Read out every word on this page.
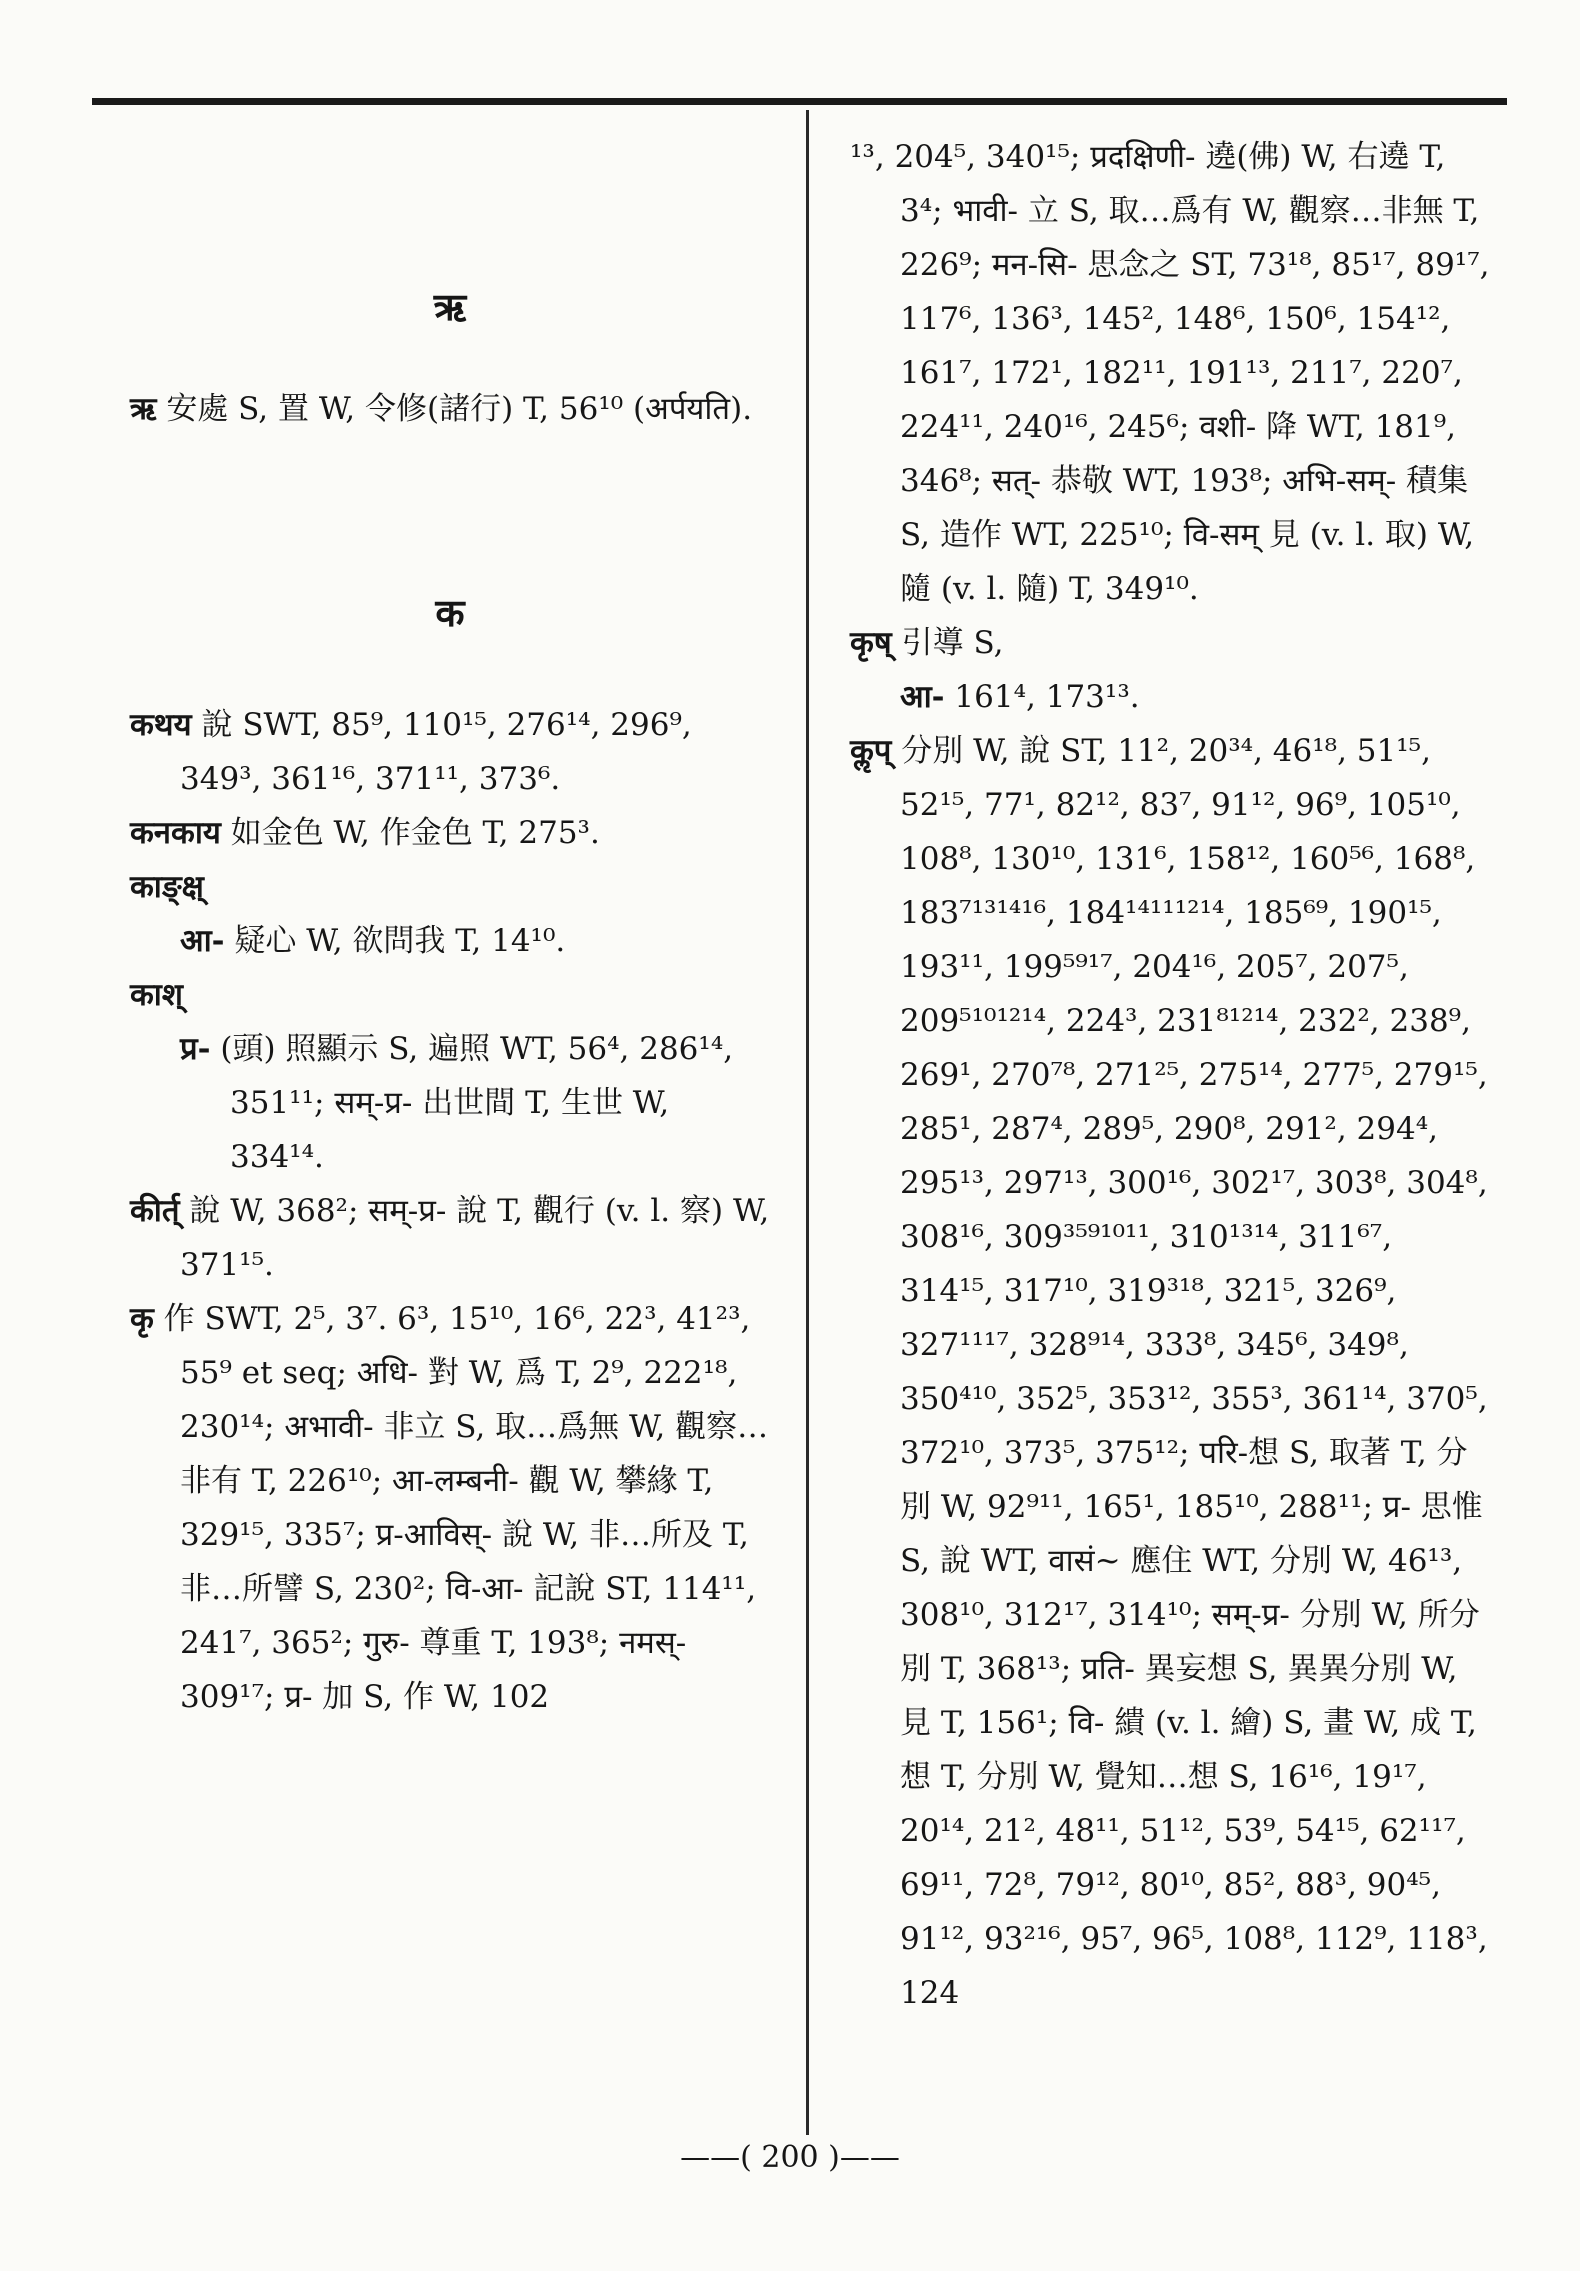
ऋ

ऋ 安處 S, 置 W, 令修(諸行) T, 56¹⁰ (अर्पयति).

क

कथय 說 SWT, 85⁹, 110¹⁵, 276¹⁴, 296⁹, 349³, 361¹⁶, 371¹¹, 373⁶.

कनकाय 如金色 W, 作金色 T, 275³.

काङ्क्ष्

आ- 疑心 W, 欲問我 T, 14¹⁰.

काश्

प्र- (頭) 照顯示 S, 遍照 WT, 56⁴, 286¹⁴, 351¹¹; सम्-प्र- 出世間 T, 生世 W, 334¹⁴.

कीर्त् 說 W, 368²; सम्-प्र- 說 T, 觀行 (v. l. 察) W, 371¹⁵.

कृ 作 SWT, 2⁵, 3⁷. 6³, 15¹⁰, 16⁶, 22³, 41²³, 55⁹ et seq; अधि- 對 W, 爲 T, 2⁹, 222¹⁸, 230¹⁴; अभावी- 非立 S, 取…爲無 W, 觀察…非有 T, 226¹⁰; आ-लम्बनी- 觀 W, 攀緣 T, 329¹⁵, 335⁷; प्र-आविस्- 說 W, 非…所及 T, 非…所譬 S, 230²; वि-आ- 記說 ST, 114¹¹, 241⁷, 365²; गुरु- 尊重 T, 193⁸; नमस्- 309¹⁷; प्र- 加 S, 作 W, 102

¹³, 204⁵, 340¹⁵; प्रदक्षिणी- 遶(佛) W, 右遶 T, 3⁴; भावी- 立 S, 取…爲有 W, 觀察…非無 T, 226⁹; मन-सि- 思念之 ST, 73¹⁸, 85¹⁷, 89¹⁷, 117⁶, 136³, 145², 148⁶, 150⁶, 154¹², 161⁷, 172¹, 182¹¹, 191¹³, 211⁷, 220⁷, 224¹¹, 240¹⁶, 245⁶; वशी- 降 WT, 181⁹, 346⁸; सत्- 恭敬 WT, 193⁸; अभि-सम्- 積集 S, 造作 WT, 225¹⁰; वि-सम् 見 (v. l. 取) W, 隨 (v. l. 隨) T, 349¹⁰.

कृष् 引導 S,

आ- 161⁴, 173¹³.

कॢप् 分別 W, 說 ST, 11², 20³⁴, 46¹⁸, 51¹⁵, 52¹⁵, 77¹, 82¹², 83⁷, 91¹², 96⁹, 105¹⁰, 108⁸, 130¹⁰, 131⁶, 158¹², 160⁵⁶, 168⁸, 183⁷¹³¹⁴¹⁶, 184¹⁴¹¹¹²¹⁴, 185⁶⁹, 190¹⁵, 193¹¹, 199⁵⁹¹⁷, 204¹⁶, 205⁷, 207⁵, 209⁵¹⁰¹²¹⁴, 224³, 231⁸¹²¹⁴, 232², 238⁹, 269¹, 270⁷⁸, 271²⁵, 275¹⁴, 277⁵, 279¹⁵, 285¹, 287⁴, 289⁵, 290⁸, 291², 294⁴, 295¹³, 297¹³, 300¹⁶, 302¹⁷, 303⁸, 304⁸, 308¹⁶, 309³⁵⁹¹⁰¹¹, 310¹³¹⁴, 311⁶⁷, 314¹⁵, 317¹⁰, 319³¹⁸, 321⁵, 326⁹, 327¹¹¹⁷, 328⁹¹⁴, 333⁸, 345⁶, 349⁸, 350⁴¹⁰, 352⁵, 353¹², 355³, 361¹⁴, 370⁵, 372¹⁰, 373⁵, 375¹²; परि-想 S, 取著 T, 分別 W, 92⁹¹¹, 165¹, 185¹⁰, 288¹¹; प्र- 思惟 S, 說 WT, वासं~ 應住 WT, 分別 W, 46¹³, 308¹⁰, 312¹⁷, 314¹⁰; सम्-प्र- 分別 W, 所分別 T, 368¹³; प्रति- 異妄想 S, 異異分別 W, 見 T, 156¹; वि- 繢 (v. l. 繪) S, 畫 W, 成 T, 想 T, 分別 W, 覺知…想 S, 16¹⁶, 19¹⁷, 20¹⁴, 21², 48¹¹, 51¹², 53⁹, 54¹⁵, 62¹¹⁷, 69¹¹, 72⁸, 79¹², 80¹⁰, 85², 88³, 90⁴⁵, 91¹², 93²¹⁶, 95⁷, 96⁵, 108⁸, 112⁹, 118³, 124

——( 200 )——
